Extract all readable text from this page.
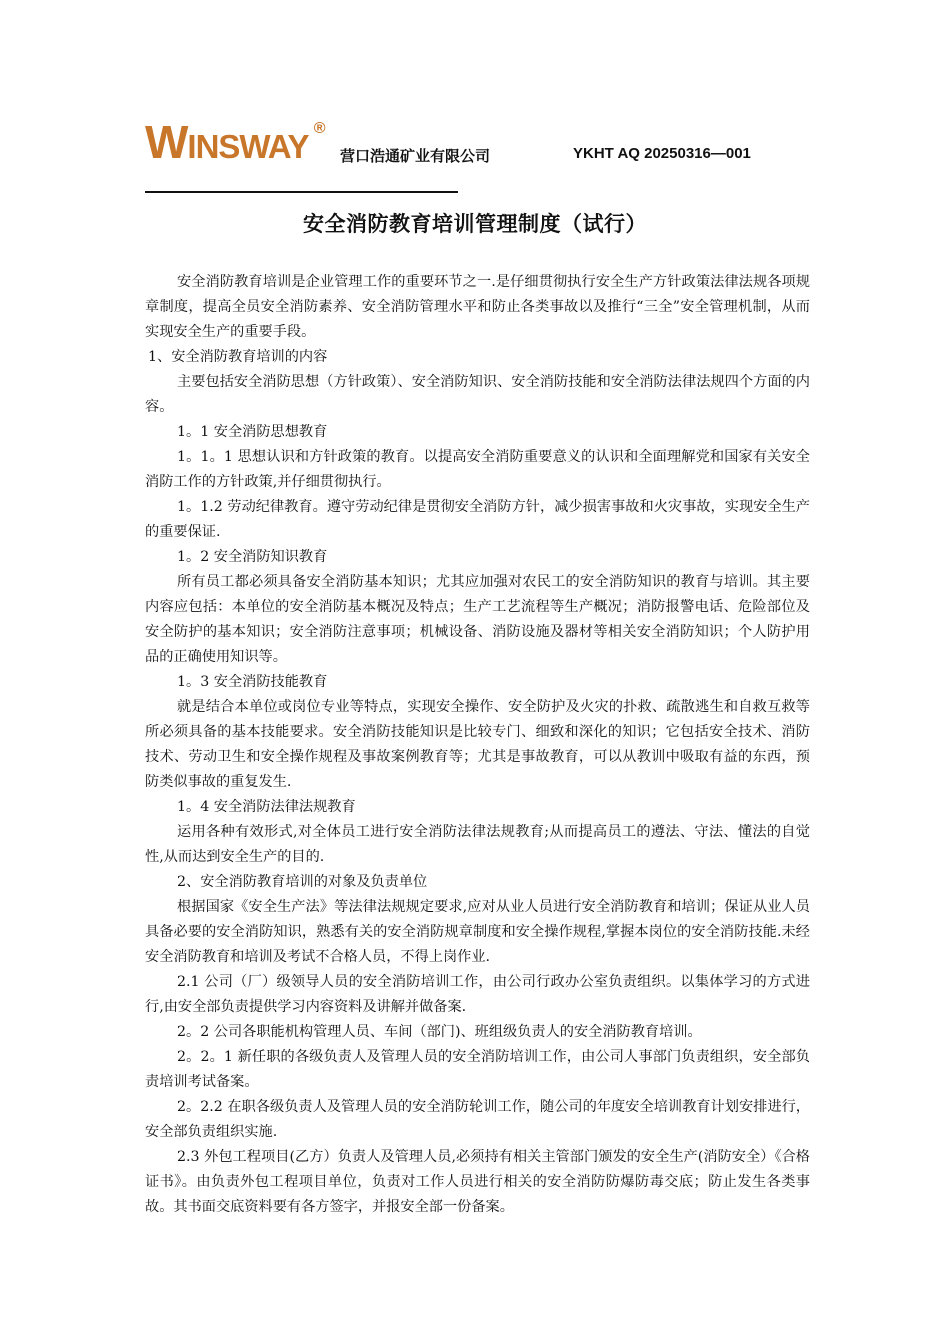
WINSWAY ®
营口浩通矿业有限公司	YKHT AQ 20250316—001
安全消防教育培训管理制度（试行）

安全消防教育培训是企业管理工作的重要环节之一.是仔细贯彻执行安全生产方针政策法律法规各项规章制度，提高全员安全消防素养、安全消防管理水平和防止各类事故以及推行“三全”安全管理机制，从而实现安全生产的重要手段。

1、安全消防教育培训的内容

主要包括安全消防思想（方针政策）、安全消防知识、安全消防技能和安全消防法律法规四个方面的内容。

1。1 安全消防思想教育

1。1。1 思想认识和方针政策的教育。以提高安全消防重要意义的认识和全面理解党和国家有关安全消防工作的方针政策,并仔细贯彻执行。

1。1.2 劳动纪律教育。遵守劳动纪律是贯彻安全消防方针，减少损害事故和火灾事故，实现安全生产的重要保证.

1。2 安全消防知识教育

所有员工都必须具备安全消防基本知识；尤其应加强对农民工的安全消防知识的教育与培训。其主要内容应包括：本单位的安全消防基本概况及特点；生产工艺流程等生产概况；消防报警电话、危险部位及安全防护的基本知识；安全消防注意事项；机械设备、消防设施及器材等相关安全消防知识；个人防护用品的正确使用知识等。

1。3 安全消防技能教育

就是结合本单位或岗位专业等特点，实现安全操作、安全防护及火灾的扑救、疏散逃生和自救互救等所必须具备的基本技能要求。安全消防技能知识是比较专门、细致和深化的知识；它包括安全技术、消防技术、劳动卫生和安全操作规程及事故案例教育等；尤其是事故教育，可以从教训中吸取有益的东西，预防类似事故的重复发生.

1。4 安全消防法律法规教育

运用各种有效形式,对全体员工进行安全消防法律法规教育;从而提高员工的遵法、守法、懂法的自觉性,从而达到安全生产的目的.

2、安全消防教育培训的对象及负责单位

根据国家《安全生产法》等法律法规规定要求,应对从业人员进行安全消防教育和培训；保证从业人员具备必要的安全消防知识，熟悉有关的安全消防规章制度和安全操作规程,掌握本岗位的安全消防技能.未经安全消防教育和培训及考试不合格人员，不得上岗作业.

2.1 公司（厂）级领导人员的安全消防培训工作，由公司行政办公室负责组织。以集体学习的方式进行,由安全部负责提供学习内容资料及讲解并做备案.

2。2 公司各职能机构管理人员、车间（部门)、班组级负责人的安全消防教育培训。

2。2。1 新任职的各级负责人及管理人员的安全消防培训工作，由公司人事部门负责组织，安全部负责培训考试备案。

2。2.2 在职各级负责人及管理人员的安全消防轮训工作，随公司的年度安全培训教育计划安排进行，安全部负责组织实施.

2.3 外包工程项目(乙方）负责人及管理人员,必须持有相关主管部门颁发的安全生产(消防安全）《合格证书》。由负责外包工程项目单位，负责对工作人员进行相关的安全消防防爆防毒交底；防止发生各类事故。其书面交底资料要有各方签字，并报安全部一份备案。
